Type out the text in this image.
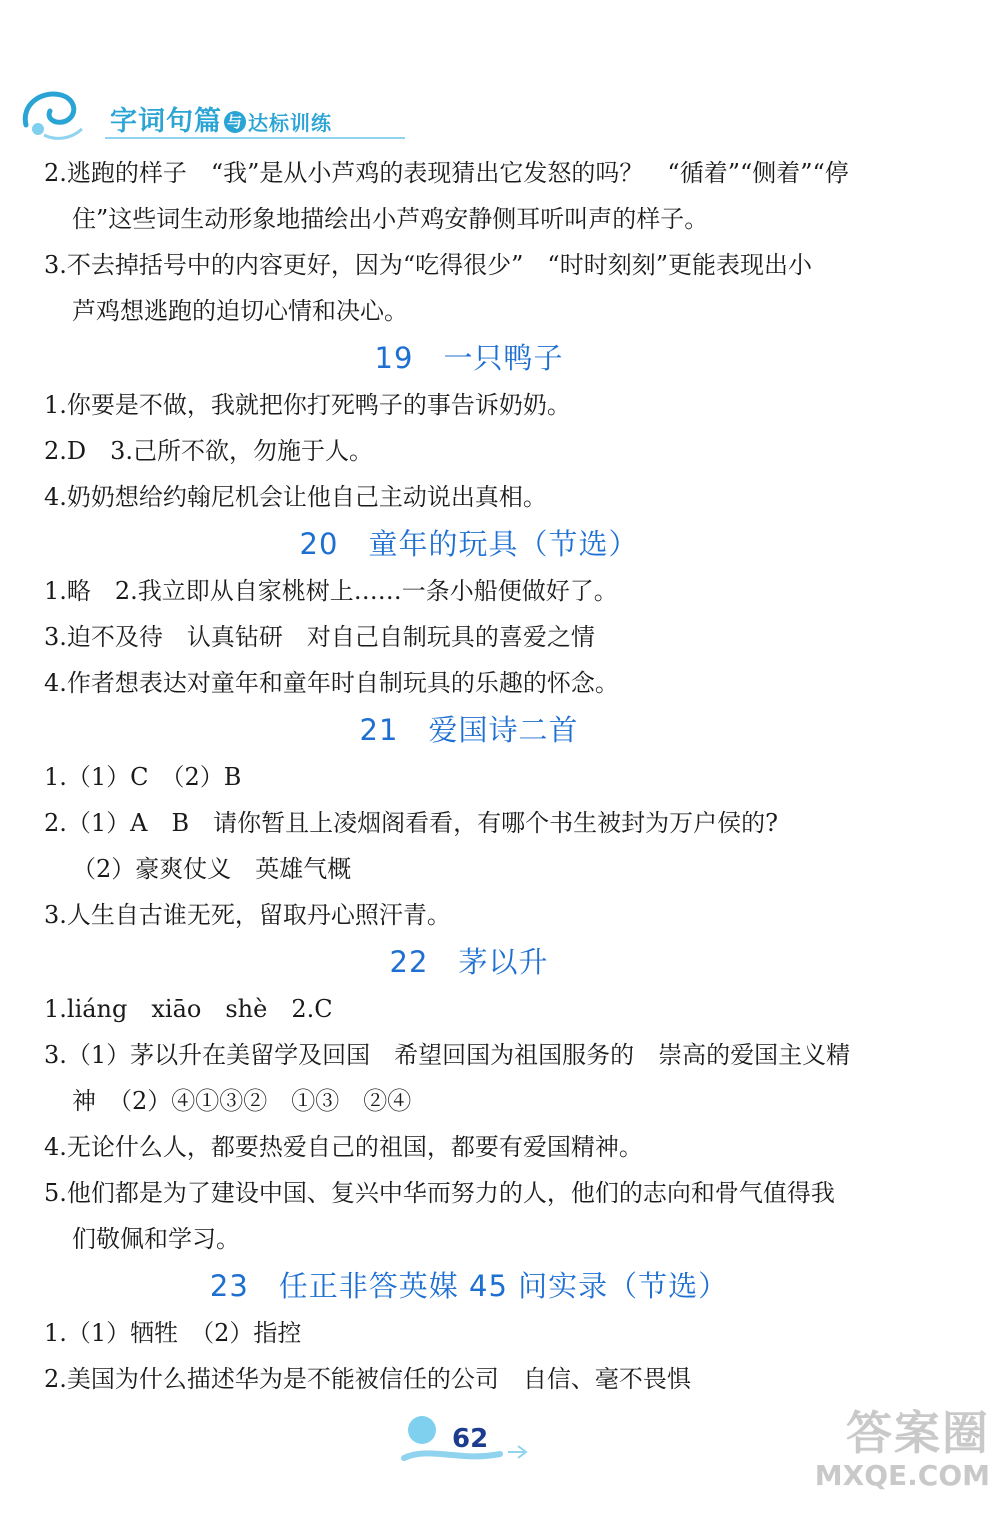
字词句篇 与 达标训练
2.逃跑的样子　“我”是从小芦鸡的表现猜出它发怒的吗？　“循着”“侧着”“停
住”这些词生动形象地描绘出小芦鸡安静侧耳听叫声的样子。
3.不去掉括号中的内容更好，因为“吃得很少”　“时时刻刻”更能表现出小
芦鸡想逃跑的迫切心情和决心。
19　一只鸭子
1.你要是不做，我就把你打死鸭子的事告诉奶奶。
2.D　3.己所不欲，勿施于人。
4.奶奶想给约翰尼机会让他自己主动说出真相。
20　童年的玩具（节选）
1.略　2.我立即从自家桃树上……一条小船便做好了。
3.迫不及待　认真钻研　对自己自制玩具的喜爱之情
4.作者想表达对童年和童年时自制玩具的乐趣的怀念。
21　爱国诗二首
1.（1）C　（2）B
2.（1）A　B　请你暂且上凌烟阁看看，有哪个书生被封为万户侯的?
（2）豪爽仗义　英雄气概
3.人生自古谁无死，留取丹心照汗青。
22　茅以升
1.liáng　xiāo　shè　2.C
3.（1）茅以升在美留学及回国　希望回国为祖国服务的　崇高的爱国主义精
神　（2）④①③②　①③　②④
4.无论什么人，都要热爱自己的祖国，都要有爱国精神。
5.他们都是为了建设中国、复兴中华而努力的人，他们的志向和骨气值得我
们敬佩和学习。
23　任正非答英媒 45 问实录（节选）
1.（1）牺牲　（2）指控
2.美国为什么描述华为是不能被信任的公司　自信、毫不畏惧
62	答案圈
MXQE.COM
